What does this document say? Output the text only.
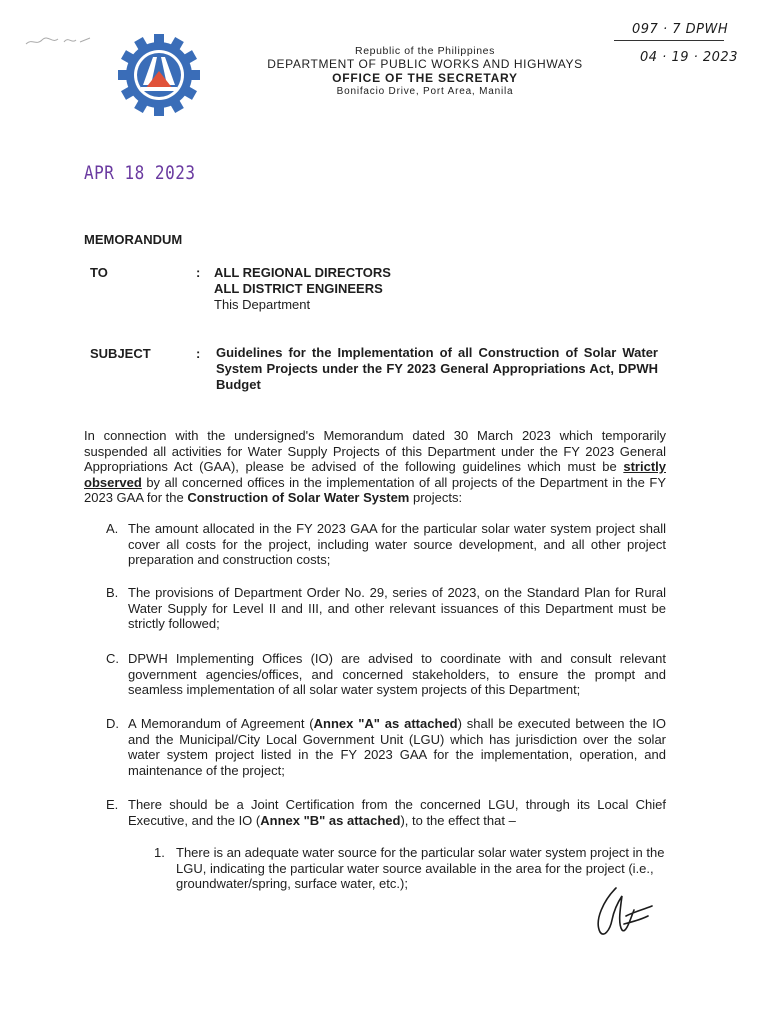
097 · 7 DPWH
04 · 19 · 2023
Republic of the Philippines
DEPARTMENT OF PUBLIC WORKS AND HIGHWAYS
OFFICE OF THE SECRETARY
Bonifacio Drive, Port Area, Manila
APR 18 2023
MEMORANDUM
TO	: ALL REGIONAL DIRECTORS
ALL DISTRICT ENGINEERS
This Department
SUBJECT	: Guidelines for the Implementation of all Construction of Solar Water System Projects under the FY 2023 General Appropriations Act, DPWH Budget
In connection with the undersigned's Memorandum dated 30 March 2023 which temporarily suspended all activities for Water Supply Projects of this Department under the FY 2023 General Appropriations Act (GAA), please be advised of the following guidelines which must be strictly observed by all concerned offices in the implementation of all projects of the Department in the FY 2023 GAA for the Construction of Solar Water System projects:
A. The amount allocated in the FY 2023 GAA for the particular solar water system project shall cover all costs for the project, including water source development, and all other project preparation and construction costs;
B. The provisions of Department Order No. 29, series of 2023, on the Standard Plan for Rural Water Supply for Level II and III, and other relevant issuances of this Department must be strictly followed;
C. DPWH Implementing Offices (IO) are advised to coordinate with and consult relevant government agencies/offices, and concerned stakeholders, to ensure the prompt and seamless implementation of all solar water system projects of this Department;
D. A Memorandum of Agreement (Annex "A" as attached) shall be executed between the IO and the Municipal/City Local Government Unit (LGU) which has jurisdiction over the solar water system project listed in the FY 2023 GAA for the implementation, operation, and maintenance of the project;
E. There should be a Joint Certification from the concerned LGU, through its Local Chief Executive, and the IO (Annex "B" as attached), to the effect that –
1. There is an adequate water source for the particular solar water system project in the LGU, indicating the particular water source available in the area for the project (i.e., groundwater/spring, surface water, etc.);
